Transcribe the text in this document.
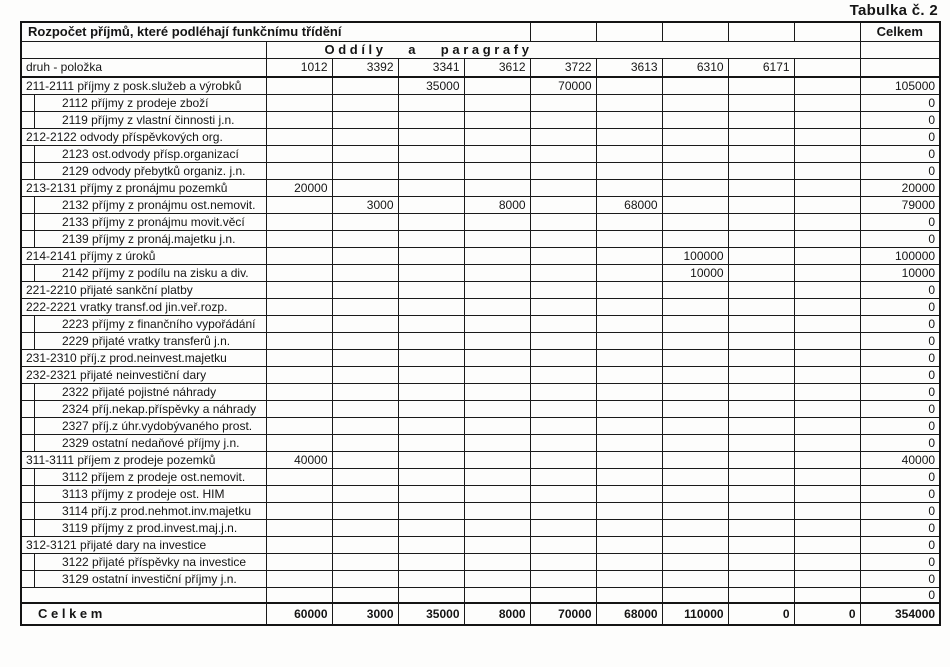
Tabulka č. 2
Rozpočet příjmů, které podléhají funkčnímu třídění										Celkem
	O d d í l y       a       p a r a g r a f y									
druh - položka	1012	3392	3341	3612	3722	3613	6310	6171		
211-2111 příjmy z posk.služeb a výrobků			35000		70000					105000
2112 příjmy z prodeje zboží										0
2119 příjmy z vlastní činnosti j.n.										0
212-2122 odvody příspěvkových org.										0
2123 ost.odvody přísp.organizací										0
2129 odvody přebytků organiz. j.n.										0
213-2131 příjmy z pronájmu pozemků	20000									20000
2132 příjmy z pronájmu ost.nemovit.		3000		8000		68000				79000
2133 příjmy z pronájmu movit.věcí										0
2139 příjmy z pronáj.majetku j.n.										0
214-2141 příjmy z úroků							100000			100000
2142 příjmy z podílu na zisku a div.							10000			10000
221-2210 přijaté sankční platby										0
222-2221 vratky transf.od jin.veř.rozp.										0
2223 příjmy z finančního vypořádání										0
2229 přijaté vratky transferů j.n.										0
231-2310 příj.z prod.neinvest.majetku										0
232-2321 přijaté neinvestiční dary										0
2322 přijaté pojistné náhrady										0
2324 příj.nekap.příspěvky a náhrady										0
2327 příj.z úhr.vydobývaného prost.										0
2329 ostatní nedaňové příjmy j.n.										0
311-3111 příjem z prodeje pozemků	40000									40000
3112 příjem z prodeje ost.nemovit.										0
3113 příjmy z prodeje ost. HIM										0
3114 příj.z prod.nehmot.inv.majetku										0
3119 příjmy z prod.invest.maj.j.n.										0
312-3121 přijaté dary na investice										0
3122 přijaté příspěvky na investice										0
3129 ostatní investiční příjmy j.n.										0
										0
C e l k e m	60000	3000	35000	8000	70000	68000	110000	0	0	354000
